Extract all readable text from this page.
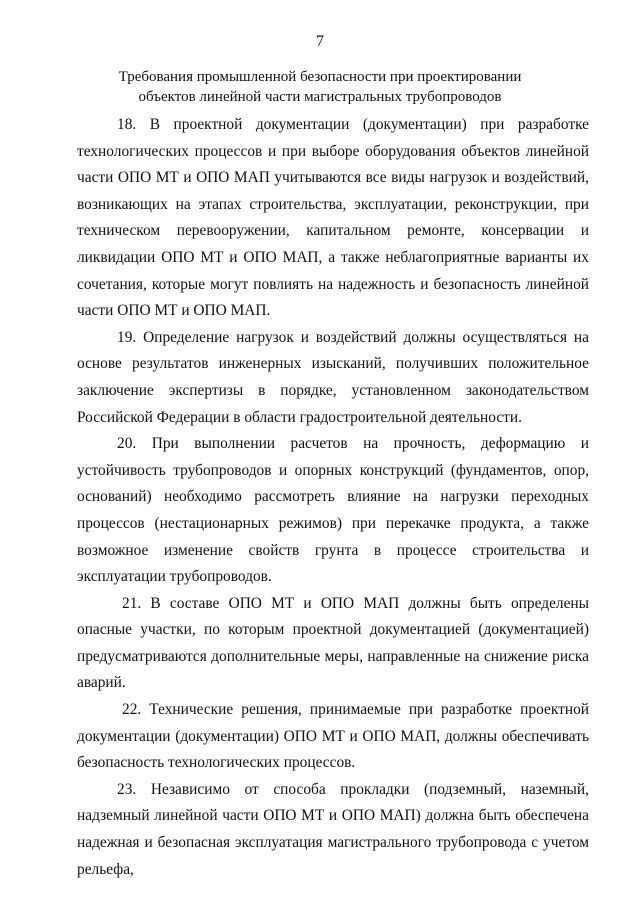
7
Требования промышленной безопасности при проектировании
объектов линейной части магистральных трубопроводов

18. В проектной документации (документации) при разработке технологических процессов и при выборе оборудования объектов линейной части ОПО МТ и ОПО МАП учитываются все виды нагрузок и воздействий, возникающих на этапах строительства, эксплуатации, реконструкции, при техническом перевооружении, капитальном ремонте, консервации и ликвидации ОПО МТ и ОПО МАП, а также неблагоприятные варианты их сочетания, которые могут повлиять на надежность и безопасность линейной части ОПО МТ и ОПО МАП.

19. Определение нагрузок и воздействий должны осуществляться на основе результатов инженерных изысканий, получивших положительное заключение экспертизы в порядке, установленном законодательством Российской Федерации в области градостроительной деятельности.

20. При выполнении расчетов на прочность, деформацию и устойчивость трубопроводов и опорных конструкций (фундаментов, опор, оснований) необходимо рассмотреть влияние на нагрузки переходных процессов (нестационарных режимов) при перекачке продукта, а также возможное изменение свойств грунта в процессе строительства и эксплуатации трубопроводов.

21. В составе ОПО МТ и ОПО МАП должны быть определены опасные участки, по которым проектной документацией (документацией) предусматриваются дополнительные меры, направленные на снижение риска аварий.

22. Технические решения, принимаемые при разработке проектной документации (документации) ОПО МТ и ОПО МАП, должны обеспечивать безопасность технологических процессов.

23. Независимо от способа прокладки (подземный, наземный, надземный линейной части ОПО МТ и ОПО МАП) должна быть обеспечена надежная и безопасная эксплуатация магистрального трубопровода с учетом рельефа,
